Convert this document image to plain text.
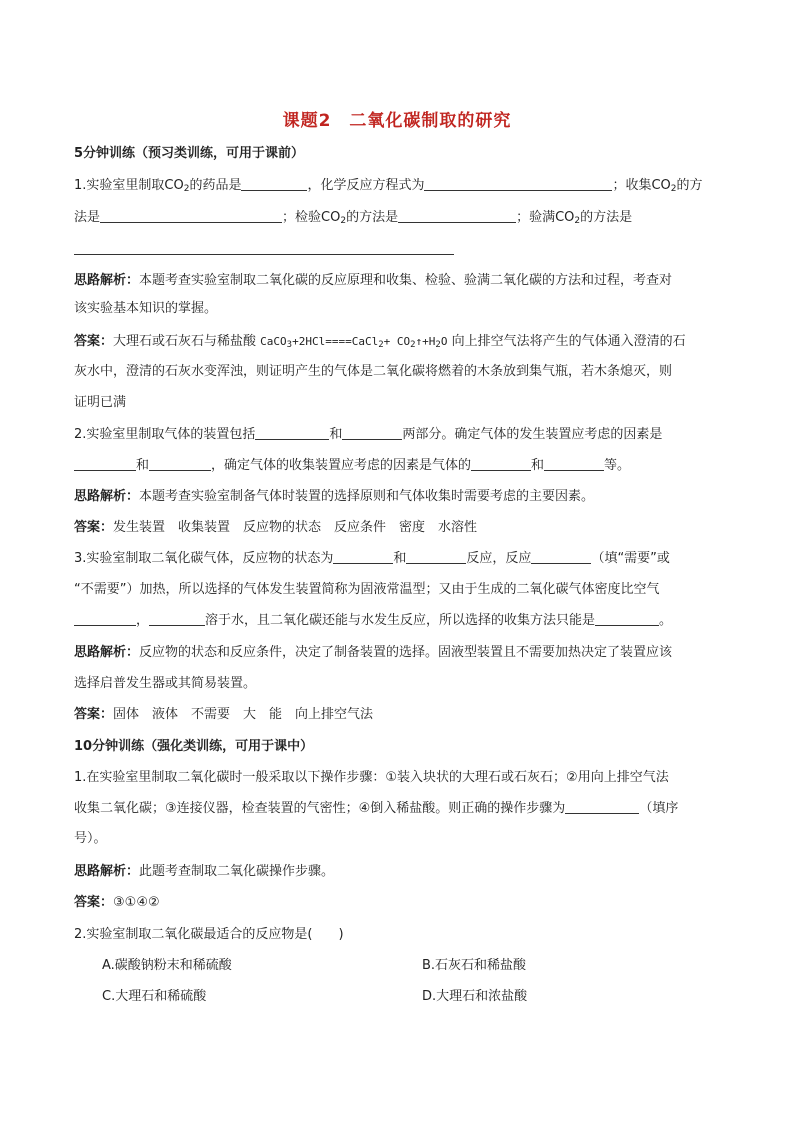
课题2　二氧化碳制取的研究
5分钟训练（预习类训练，可用于课前）
1.实验室里制取$CO_2$的药品是	，化学反应方程式为	；收集$CO_2$的方
法是	；检验$CO_2$的方法是	；验满$CO_2$的方法是
思路解析：本题考查实验室制取二氧化碳的反应原理和收集、检验、验满二氧化碳的方法和过程，考查对
该实验基本知识的掌握。
答案：大理石或石灰石与稀盐酸 CaCO$_3$+2HCl====CaCl$_2$+ $CO_2↑+H_2O$ 向上排空气法将产生的气体通入澄清的石
灰水中，澄清的石灰水变浑浊，则证明产生的气体是二氧化碳将燃着的木条放到集气瓶，若木条熄灭，则
证明已满
2.实验室里制取气体的装置包括	和	两部分。确定气体的发生装置应考虑的因素是
和	，确定气体的收集装置应考虑的因素是气体的	和	等。
思路解析：本题考查实验室制备气体时装置的选择原则和气体收集时需要考虑的主要因素。
答案：发生装置　收集装置　反应物的状态　反应条件　密度　水溶性
3.实验室制取二氧化碳气体，反应物的状态为	和	反应，反应	（填“需要”或
“不需要”）加热，所以选择的气体发生装置简称为固液常温型；又由于生成的二氧化碳气体密度比空气
，	溶于水，且二氧化碳还能与水发生反应，所以选择的收集方法只能是	。
思路解析：反应物的状态和反应条件，决定了制备装置的选择。固液型装置且不需要加热决定了装置应该
选择启普发生器或其简易装置。
答案：固体　液体　不需要　大　能　向上排空气法
10分钟训练（强化类训练，可用于课中）
1.在实验室里制取二氧化碳时一般采取以下操作步骤：①装入块状的大理石或石灰石；②用向上排空气法
收集二氧化碳；③连接仪器，检查装置的气密性；④倒入稀盐酸。则正确的操作步骤为	（填序
号）。
思路解析：此题考查制取二氧化碳操作步骤。
答案：③①④②
2.实验室制取二氧化碳最适合的反应物是(　　)
A.碳酸钠粉末和稀硫酸	B.石灰石和稀盐酸
C.大理石和稀硫酸	D.大理石和浓盐酸
